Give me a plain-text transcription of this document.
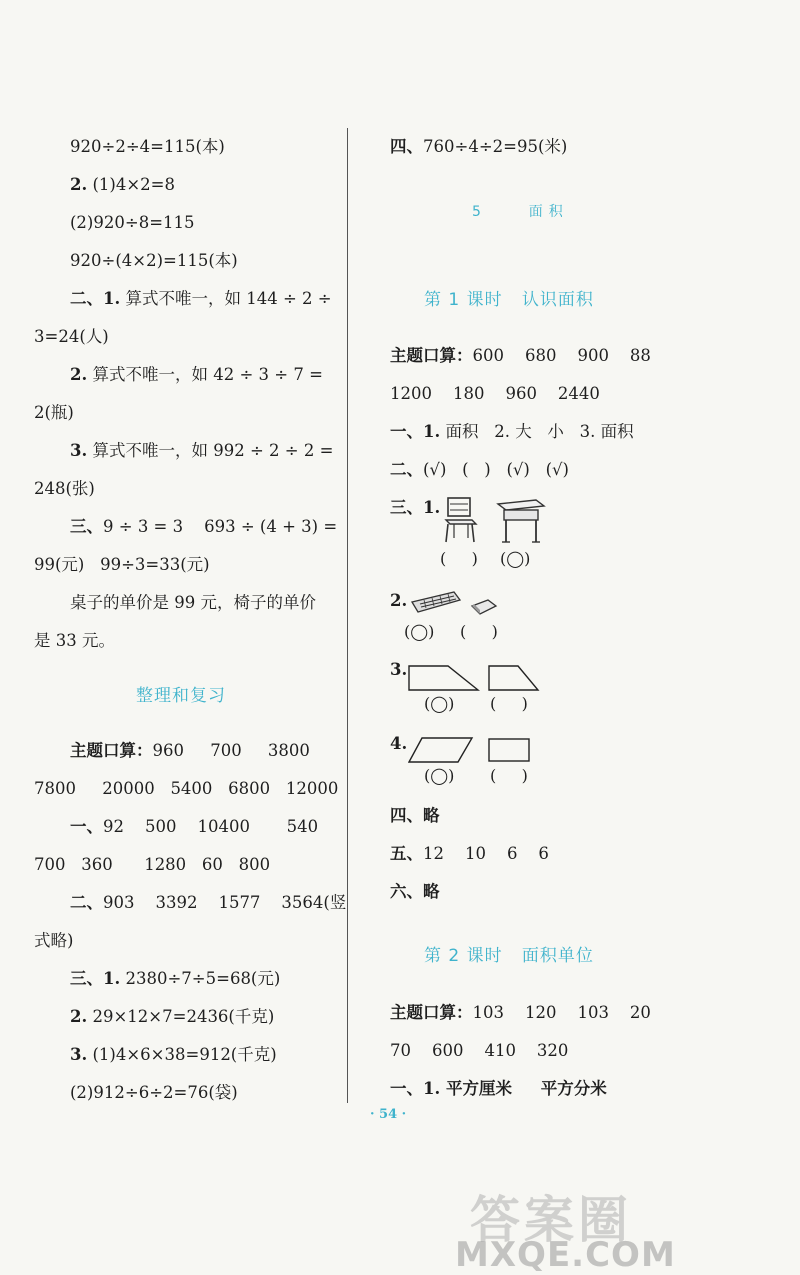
920÷2÷4=115(本)
2. (1)4×2=8
(2)920÷8=115
920÷(4×2)=115(本)
二、1. 算式不唯一，如 144 ÷ 2 ÷
3=24(人)
2. 算式不唯一，如 42 ÷ 3 ÷ 7 =
2(瓶)
3. 算式不唯一，如 992 ÷ 2 ÷ 2 =
248(张)
三、9 ÷ 3 = 3    693 ÷ (4 + 3) =
99(元)   99÷3=33(元)
桌子的单价是 99 元，椅子的单价
是 33 元。
整理和复习
主题口算：960     700     3800
7800     20000   5400   6800   12000
一、92    500    10400       540
700   360      1280   60   800
二、903    3392    1577    3564(竖
式略)
三、1. 2380÷7÷5=68(元)
2. 29×12×7=2436(千克)
3. (1)4×6×38=912(千克)
(2)912÷6÷2=76(袋)
四、760÷4÷2=95(米)
5    面积
第 1 课时   认识面积
主题口算：600    680    900    88
1200    180    960    2440
一、1. 面积   2. 大   小   3. 面积
二、(√)   (   )   (√)   (√)
三、1.
(     ) (◯)
2.
(◯) (     )
3.
(◯) (     )
4.
(◯) (     )
四、略
五、12    10    6    6
六、略
第 2 课时   面积单位
主题口算：103    120    103    20
70    600    410    320
一、1. 平方厘米     平方分米
· 54 ·
答案圈
MXQE.COM
